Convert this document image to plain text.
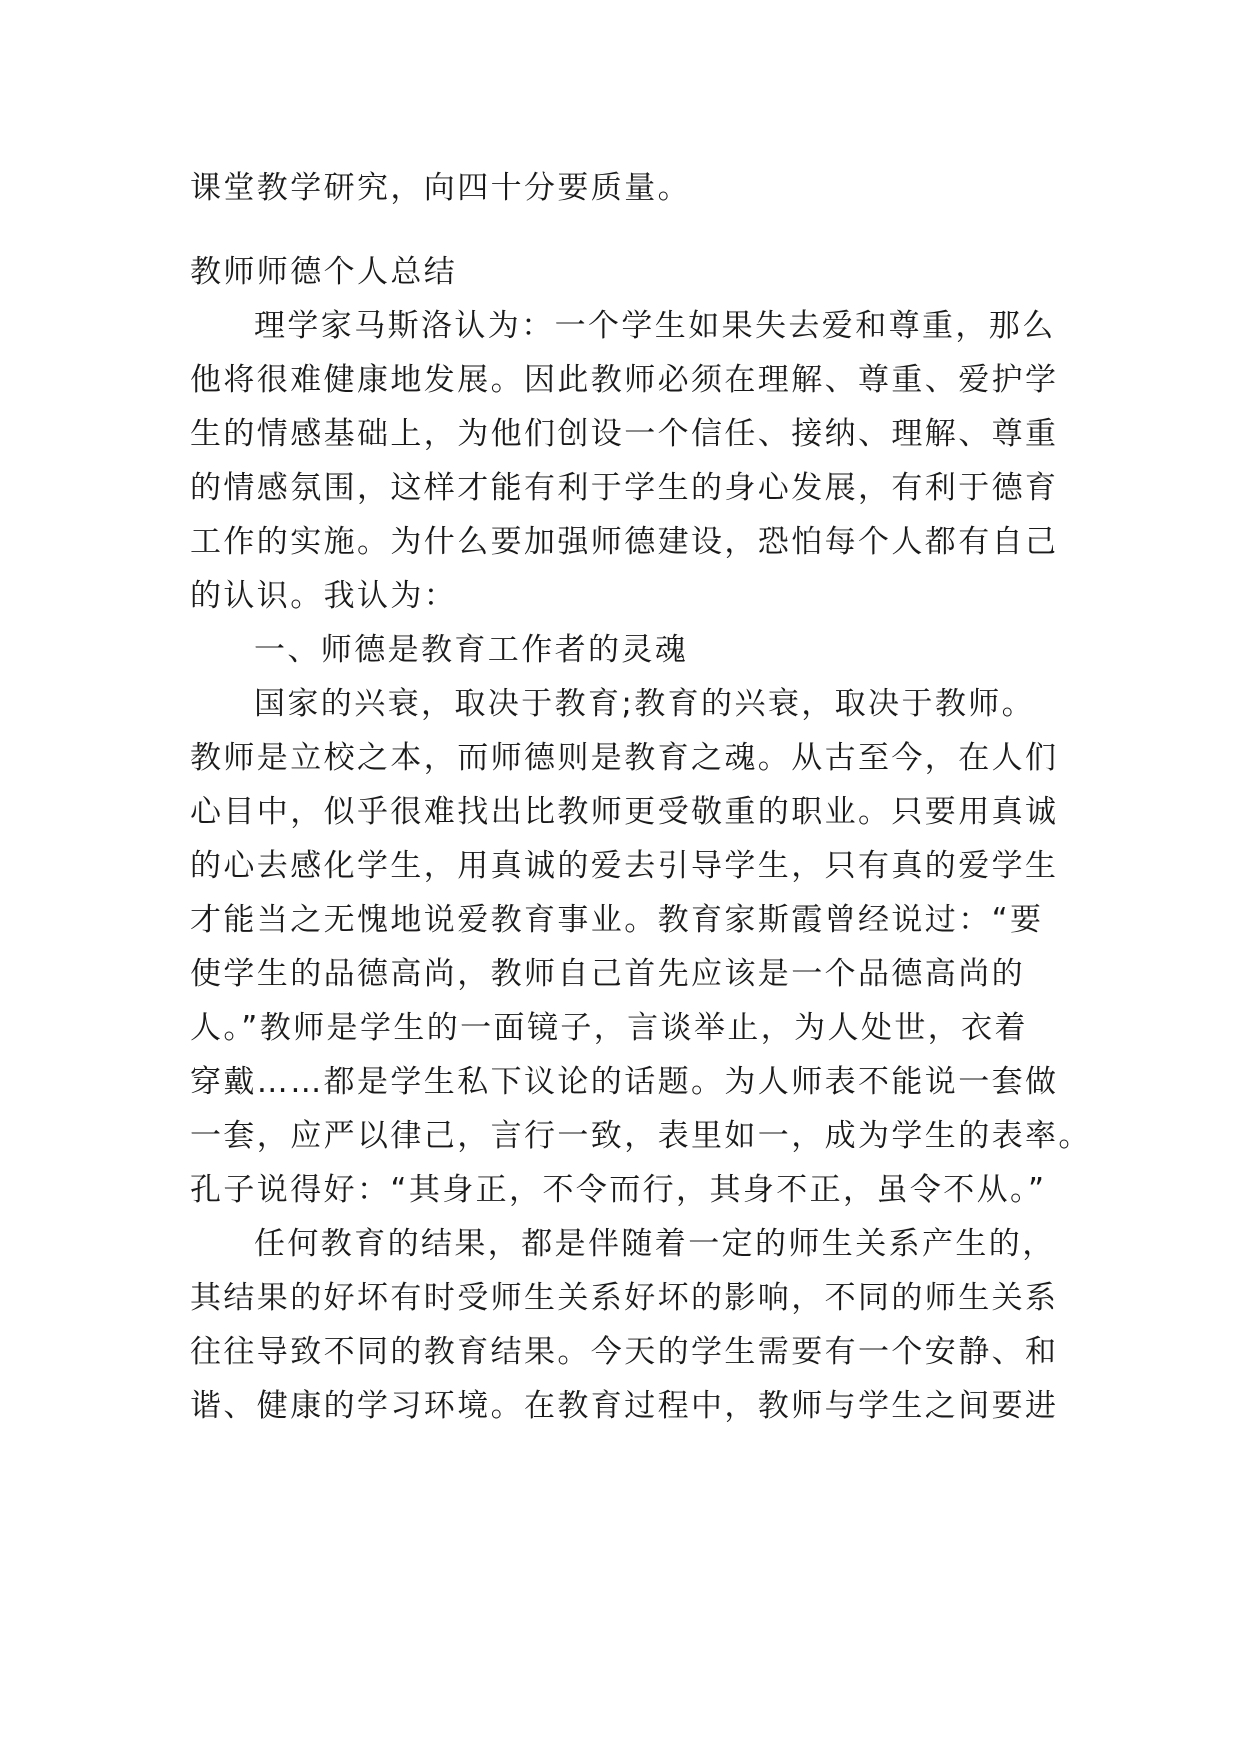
课堂教学研究，向四十分要质量。
教师师德个人总结
理学家马斯洛认为：一个学生如果失去爱和尊重，那么
他将很难健康地发展。因此教师必须在理解、尊重、爱护学
生的情感基础上，为他们创设一个信任、接纳、理解、尊重
的情感氛围，这样才能有利于学生的身心发展，有利于德育
工作的实施。为什么要加强师德建设，恐怕每个人都有自己
的认识。我认为：
一、师德是教育工作者的灵魂
国家的兴衰，取决于教育;教育的兴衰，取决于教师。
教师是立校之本，而师德则是教育之魂。从古至今，在人们
心目中，似乎很难找出比教师更受敬重的职业。只要用真诚
的心去感化学生，用真诚的爱去引导学生，只有真的爱学生
才能当之无愧地说爱教育事业。教育家斯霞曾经说过：“要
使学生的品德高尚，教师自己首先应该是一个品德高尚的
人。”教师是学生的一面镜子，言谈举止，为人处世，衣着
穿戴……都是学生私下议论的话题。为人师表不能说一套做
一套，应严以律己，言行一致，表里如一，成为学生的表率。
孔子说得好：“其身正，不令而行，其身不正，虽令不从。”
任何教育的结果，都是伴随着一定的师生关系产生的，
其结果的好坏有时受师生关系好坏的影响，不同的师生关系
往往导致不同的教育结果。今天的学生需要有一个安静、和
谐、健康的学习环境。在教育过程中，教师与学生之间要进
